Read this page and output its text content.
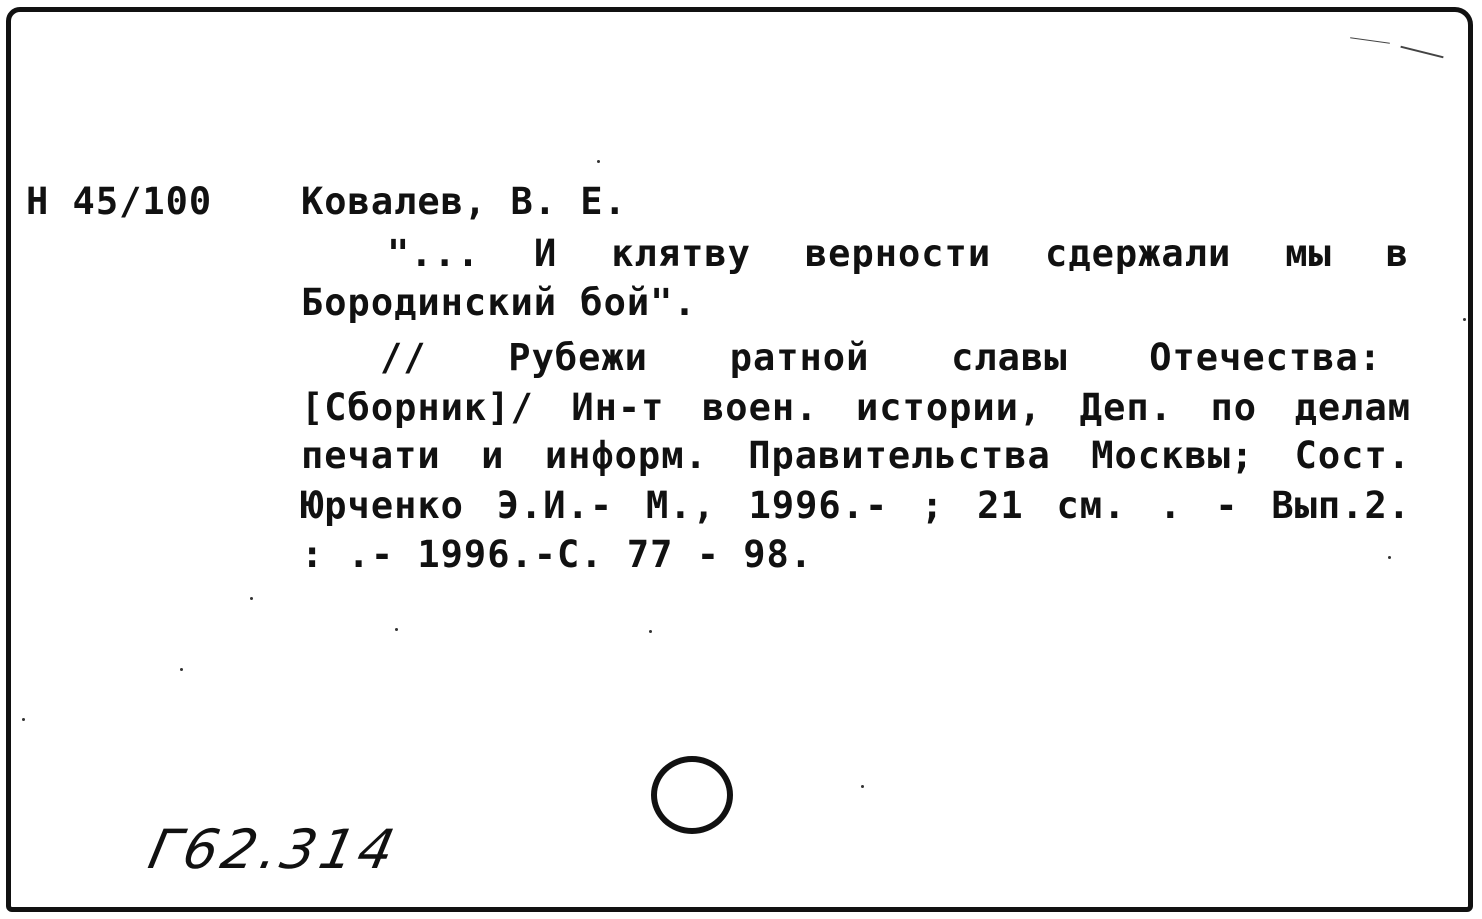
Н 45/100 Ковалев, В. Е.
"... И клятву верности сдержали мы в
Бородинский бой".
// Рубежи ратной славы Отечества:
[Сборник]/ Ин-т воен. истории, Деп. по делам
печати и информ. Правительства Москвы; Сост.
Юрченко Э.И.- М., 1996.- ; 21 см. . - Вып.2.
: .- 1996.-С. 77 - 98.
Г62.314
